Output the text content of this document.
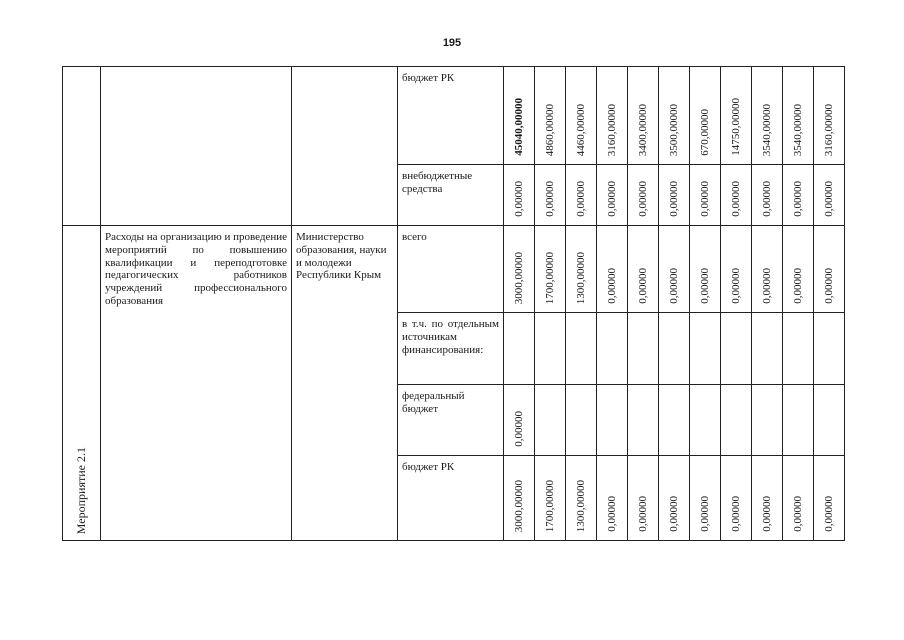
195

			бюджет РК	45040,00000	4860,00000	4460,00000	3160,00000	3400,00000	3500,00000	670,00000	14750,00000	3540,00000	3540,00000	3160,00000

			внебюджетные средства	0,00000	0,00000	0,00000	0,00000	0,00000	0,00000	0,00000	0,00000	0,00000	0,00000	0,00000

Мероприятие 2.1	Расходы на организацию и проведение мероприятий по повышению квалификации и переподготовке педагогических работников учреждений профессионального образования	Министерство образования, науки и молодежи Республики Крым	всего	3000,00000	1700,00000	1300,00000	0,00000	0,00000	0,00000	0,00000	0,00000	0,00000	0,00000	0,00000

			в т.ч. по отдельным источникам финансирования:											

			федеральный бюджет	0,00000										

			бюджет РК	3000,00000	1700,00000	1300,00000	0,00000	0,00000	0,00000	0,00000	0,00000	0,00000	0,00000	0,00000
